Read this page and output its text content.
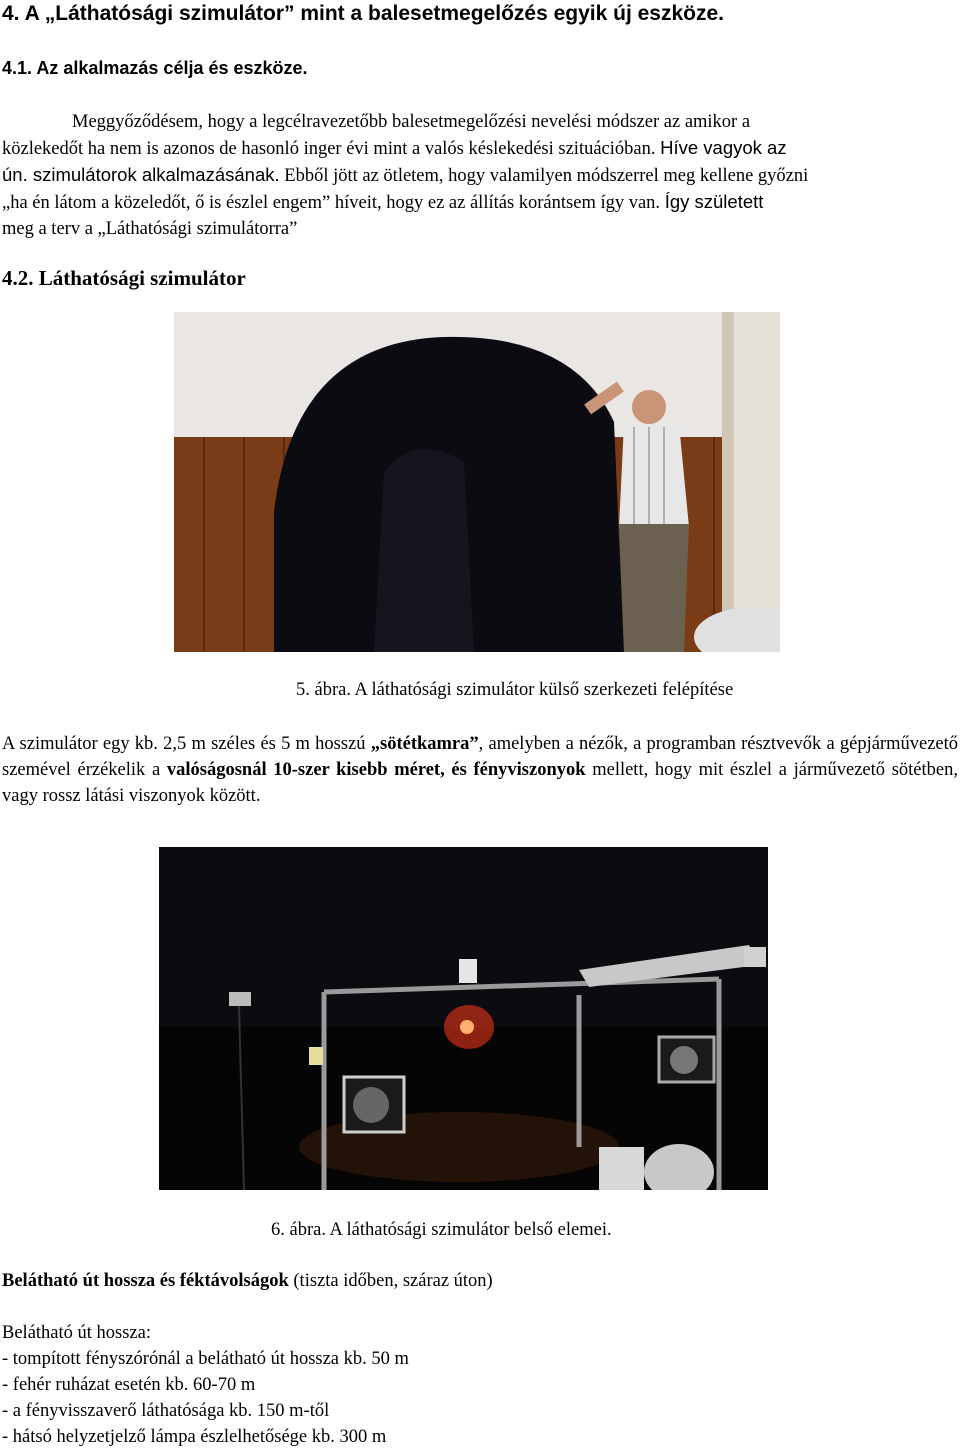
4. A „Láthatósági szimulátor” mint a balesetmegelőzés egyik új eszköze.
4.1. Az alkalmazás célja és eszköze.
Meggyőződésem, hogy a legcélravezetőbb balesetmegelőzési nevelési módszer az amikor a
közlekedőt ha nem is azonos de hasonló inger évi mint a valós késlekedési szituációban. Híve vagyok az
ún. szimulátorok alkalmazásának. Ebből jött az ötletem, hogy valamilyen módszerrel meg kellene győzni
„ha én látom a közeledőt, ő is észlel engem” híveit, hogy ez az állítás korántsem így van. Így született
meg a terv a „Láthatósági szimulátorra”
4.2. Láthatósági szimulátor
5. ábra. A láthatósági szimulátor külső szerkezeti felépítése
A szimulátor egy kb. 2,5 m széles és 5 m hosszú „sötétkamra”, amelyben a nézők, a programban résztvevők a gépjárművezető szemével érzékelik a valóságosnál 10-szer kisebb méret, és fényviszonyok mellett, hogy mit észlel a járművezető sötétben, vagy rossz látási viszonyok között.
6. ábra. A láthatósági szimulátor belső elemei.
Belátható út hossza és féktávolságok (tiszta időben, száraz úton)
Belátható út hossza:
- tompított fényszórónál a belátható út hossza kb. 50 m
- fehér ruházat esetén kb. 60-70 m
- a fényvisszaverő láthatósága kb. 150 m-től
- hátsó helyzetjelző lámpa észlelhetősége kb. 300 m
